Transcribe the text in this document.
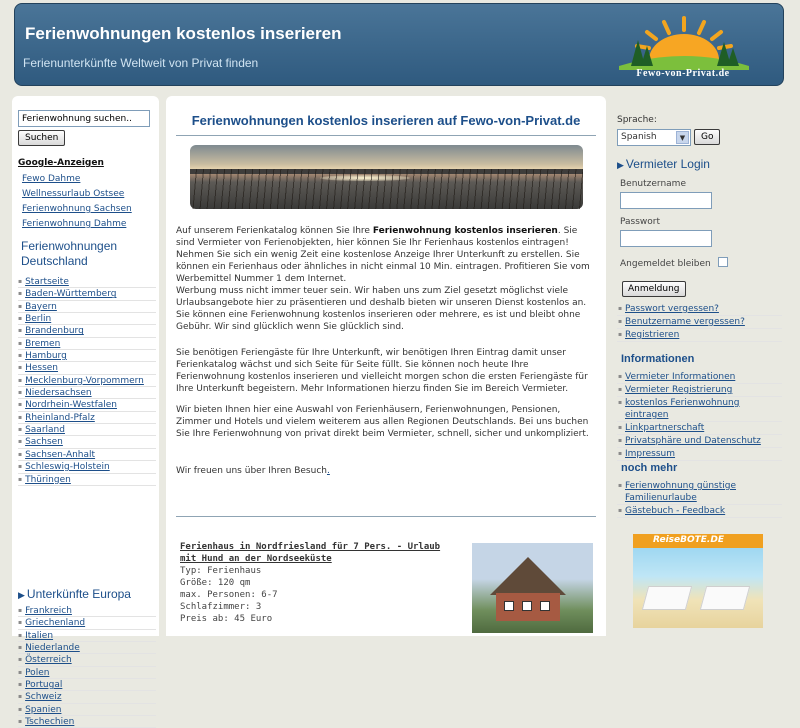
Ferienwohnungen kostenlos inserieren
Ferienunterkünfte Weltweit von Privat finden
Fewo-von-Privat.de
Ferienwohnung suchen..
Suchen
Google-Anzeigen
Fewo Dahme
Wellnessurlaub Ostsee
Ferienwohnung Sachsen
Ferienwohnung Dahme
Ferienwohnungen
Deutschland
▪ Startseite
▪ Baden-Württemberg
▪ Bayern
▪ Berlin
▪ Brandenburg
▪ Bremen
▪ Hamburg
▪ Hessen
▪ Mecklenburg-Vorpommern
▪ Niedersachsen
▪ Nordrhein-Westfalen
▪ Rheinland-Pfalz
▪ Saarland
▪ Sachsen
▪ Sachsen-Anhalt
▪ Schleswig-Holstein
▪ Thüringen
▶ Unterkünfte Europa
▪ Frankreich
▪ Griechenland
▪ Italien
▪ Niederlande
▪ Österreich
▪ Polen
▪ Portugal
▪ Schweiz
▪ Spanien
▪ Tschechien
Ferienwohnungen kostenlos inserieren auf Fewo-von-Privat.de
Auf unserem Ferienkatalog können Sie Ihre Ferienwohnung kostenlos inserieren. Sie sind Vermieter von Ferienobjekten, hier können Sie Ihr Ferienhaus kostenlos eintragen! Nehmen Sie sich ein wenig Zeit eine kostenlose Anzeige Ihrer Unterkunft zu erstellen. Sie können ein Ferienhaus oder ähnliches in nicht einmal 10 Min. eintragen. Profitieren Sie vom Werbemittel Nummer 1 dem Internet.
Werbung muss nicht immer teuer sein. Wir haben uns zum Ziel gesetzt möglichst viele Urlaubsangebote hier zu präsentieren und deshalb bieten wir unseren Dienst kostenlos an. Sie können eine Ferienwohnung kostenlos inserieren oder mehrere, es ist und bleibt ohne Gebühr. Wir sind glücklich wenn Sie glücklich sind.
Sie benötigen Feriengäste für Ihre Unterkunft, wir benötigen Ihren Eintrag damit unser Ferienkatalog wächst und sich Seite für Seite füllt. Sie können noch heute Ihre Ferienwohnung kostenlos inserieren und vielleicht morgen schon die ersten Feriengäste für Ihre Unterkunft begeistern. Mehr Informationen hierzu finden Sie im Bereich Vermieter.
Wir bieten Ihnen hier eine Auswahl von Ferienhäusern, Ferienwohnungen, Pensionen, Zimmer und Hotels und vielem weiterem aus allen Regionen Deutschlands. Bei uns buchen Sie Ihre Ferienwohnung von privat direkt beim Vermieter, schnell, sicher und unkompliziert.
Wir freuen uns über Ihren Besuch.
Ferienhaus in Nordfriesland für 7 Pers. - Urlaub mit Hund an der Nordseeküste
Typ: Ferienhaus
Größe: 120 qm
max. Personen: 6-7
Schlafzimmer: 3
Preis ab: 45 Euro
Sprache:
Spanish	▼	Go
▶ Vermieter Login
Benutzername
Passwort
Angemeldet bleiben
Anmeldung
▪ Passwort vergessen?
▪ Benutzername vergessen?
▪ Registrieren
Informationen
▪ Vermieter Informationen
▪ Vermieter Registrierung
▪ kostenlos Ferienwohnung eintragen
▪ Linkpartnerschaft
▪ Privatsphäre und Datenschutz
▪ Impressum
noch mehr
▪ Ferienwohnung günstige Familienurlaube
▪ Gästebuch - Feedback
ReiseBOTE.DE
